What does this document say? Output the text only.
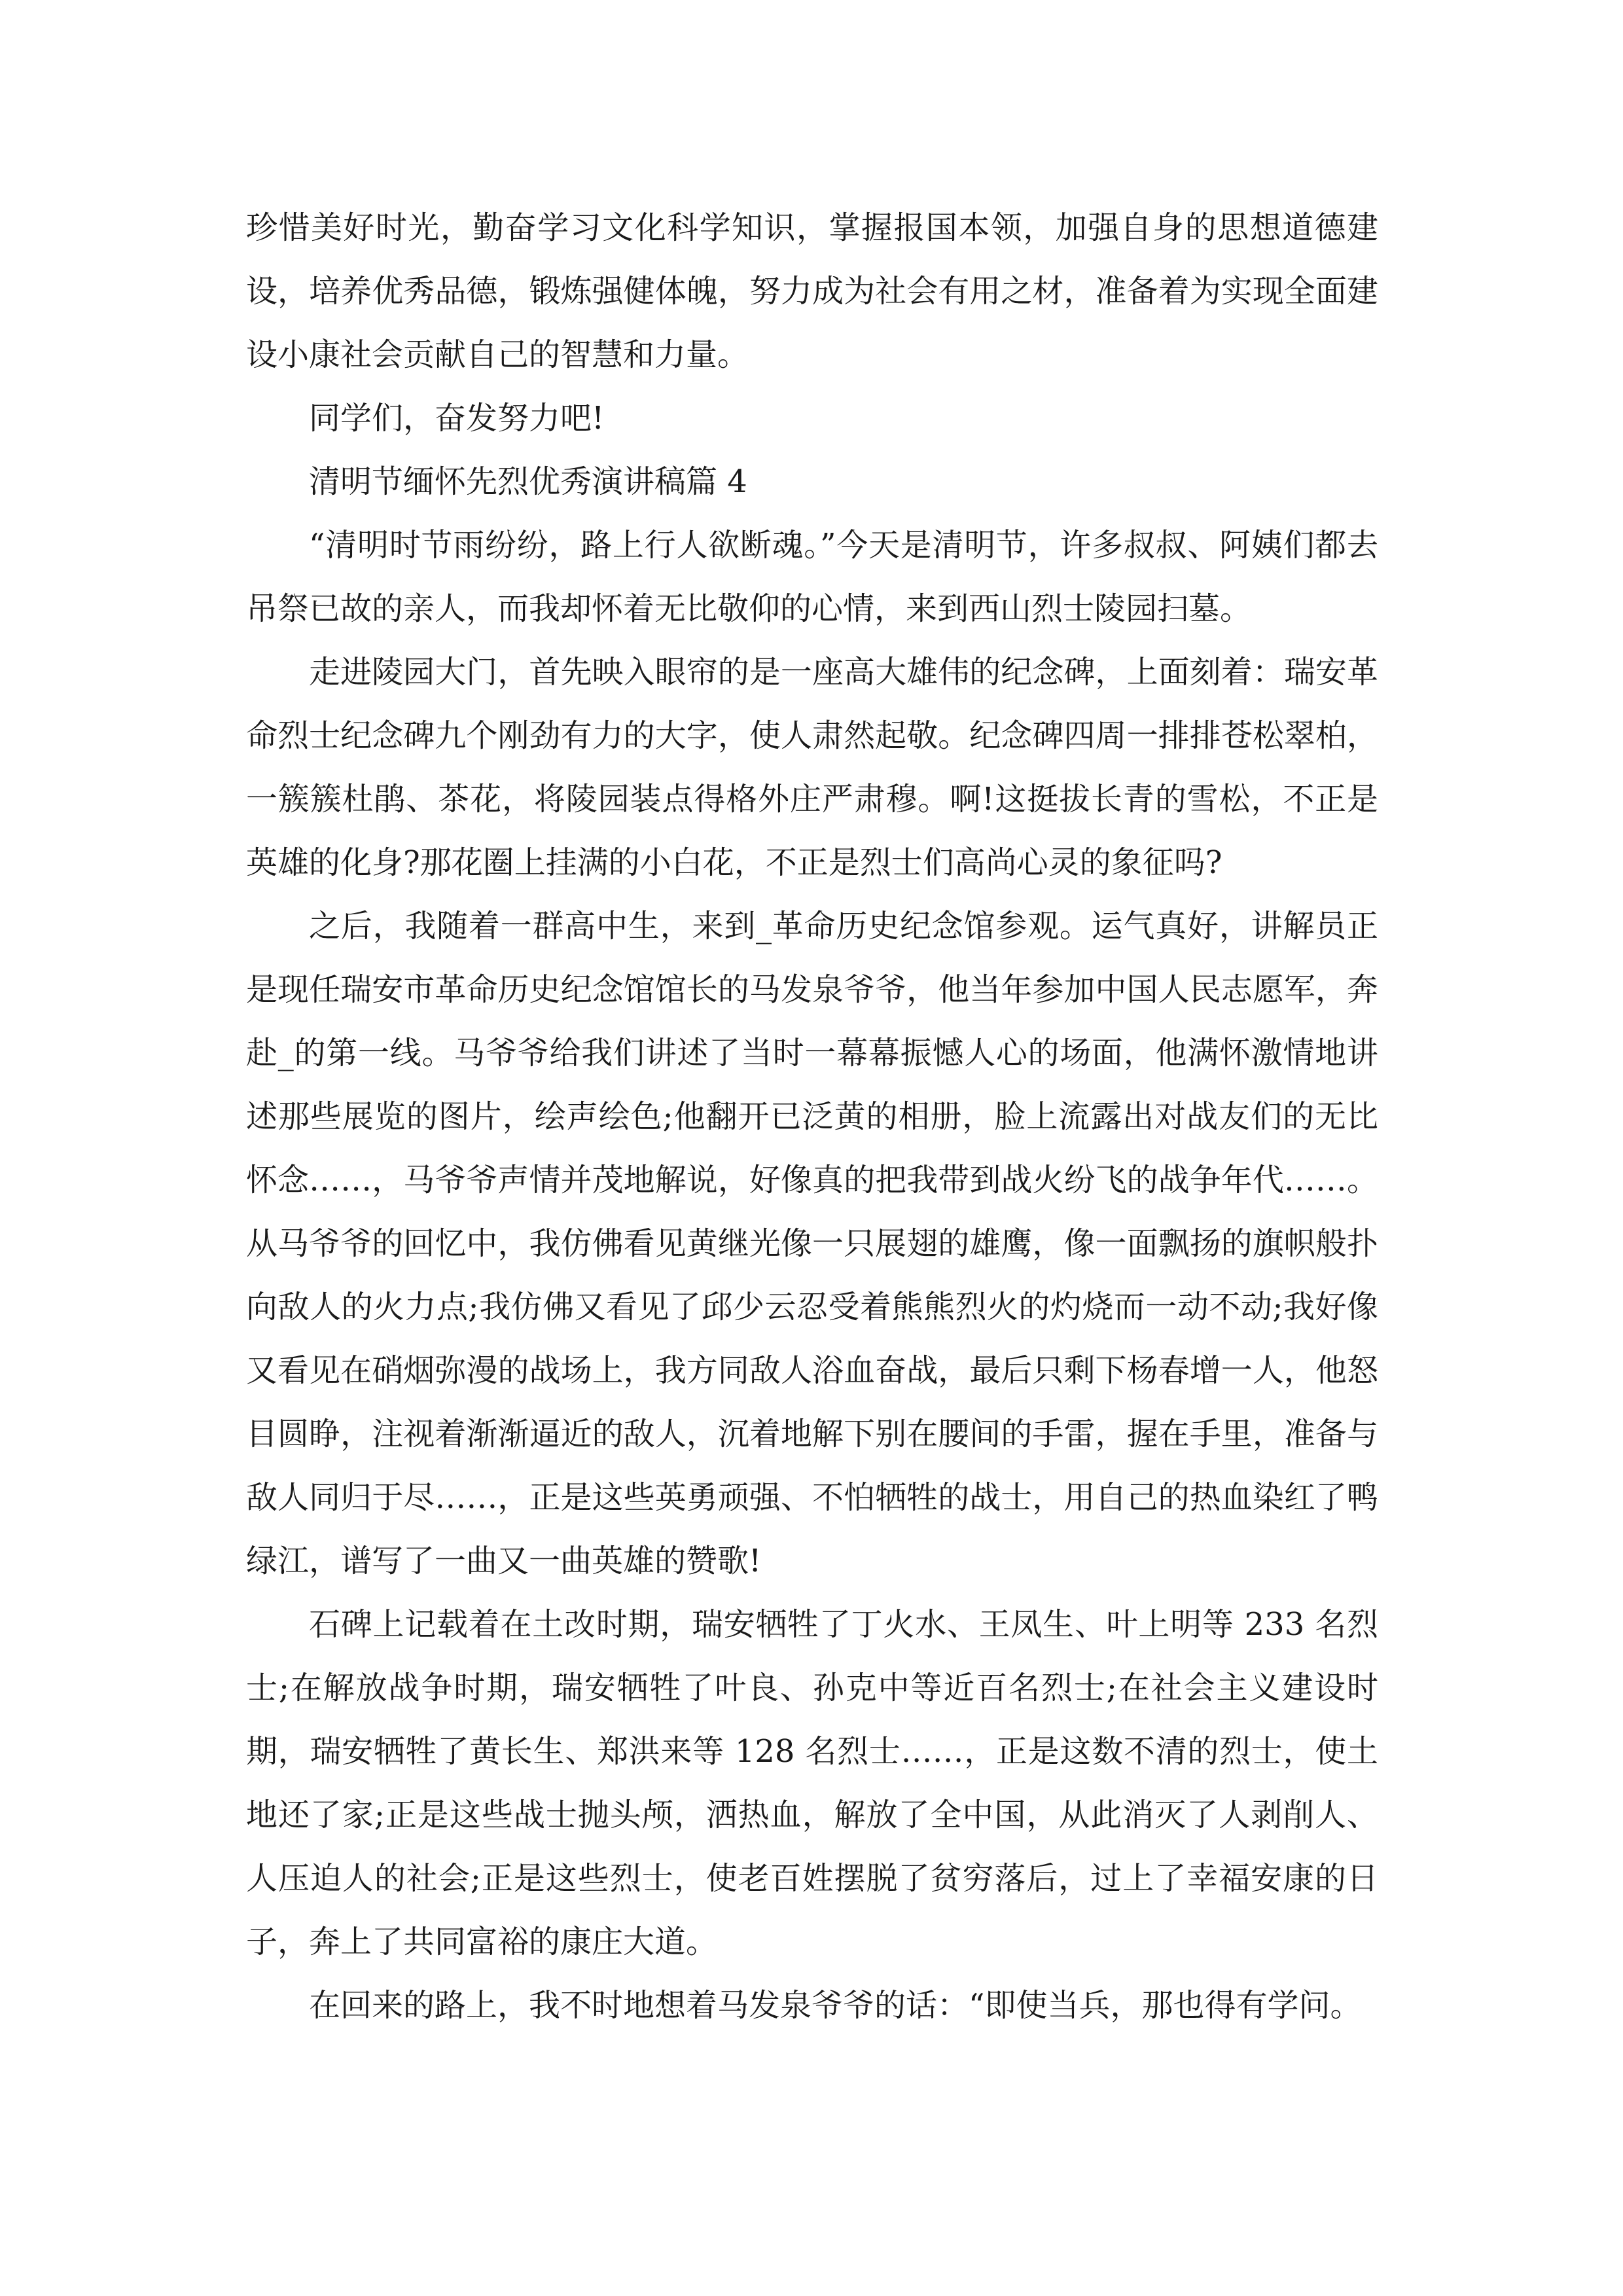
珍惜美好时光，勤奋学习文化科学知识，掌握报国本领，加强自身的思想道德建设，培养优秀品德，锻炼强健体魄，努力成为社会有用之材，准备着为实现全面建设小康社会贡献自己的智慧和力量。

同学们，奋发努力吧!

清明节缅怀先烈优秀演讲稿篇 4

“清明时节雨纷纷，路上行人欲断魂。”今天是清明节，许多叔叔、阿姨们都去吊祭已故的亲人，而我却怀着无比敬仰的心情，来到西山烈士陵园扫墓。

走进陵园大门，首先映入眼帘的是一座高大雄伟的纪念碑，上面刻着：瑞安革命烈士纪念碑九个刚劲有力的大字，使人肃然起敬。纪念碑四周一排排苍松翠柏，一簇簇杜鹃、茶花，将陵园装点得格外庄严肃穆。啊!这挺拔长青的雪松，不正是英雄的化身?那花圈上挂满的小白花，不正是烈士们高尚心灵的象征吗?

之后，我随着一群高中生，来到_革命历史纪念馆参观。运气真好，讲解员正是现任瑞安市革命历史纪念馆馆长的马发泉爷爷，他当年参加中国人民志愿军，奔赴_的第一线。马爷爷给我们讲述了当时一幕幕振憾人心的场面，他满怀激情地讲述那些展览的图片，绘声绘色;他翻开已泛黄的相册，脸上流露出对战友们的无比怀念……，马爷爷声情并茂地解说，好像真的把我带到战火纷飞的战争年代……。从马爷爷的回忆中，我仿佛看见黄继光像一只展翅的雄鹰，像一面飘扬的旗帜般扑向敌人的火力点;我仿佛又看见了邱少云忍受着熊熊烈火的灼烧而一动不动;我好像又看见在硝烟弥漫的战场上，我方同敌人浴血奋战，最后只剩下杨春增一人，他怒目圆睁，注视着渐渐逼近的敌人，沉着地解下别在腰间的手雷，握在手里，准备与敌人同归于尽……，正是这些英勇顽强、不怕牺牲的战士，用自己的热血染红了鸭绿江，谱写了一曲又一曲英雄的赞歌!

石碑上记载着在土改时期，瑞安牺牲了丁火水、王凤生、叶上明等 233 名烈士;在解放战争时期，瑞安牺牲了叶良、孙克中等近百名烈士;在社会主义建设时期，瑞安牺牲了黄长生、郑洪来等 128 名烈士……，正是这数不清的烈士，使土地还了家;正是这些战士抛头颅，洒热血，解放了全中国，从此消灭了人剥削人、人压迫人的社会;正是这些烈士，使老百姓摆脱了贫穷落后，过上了幸福安康的日子，奔上了共同富裕的康庄大道。

在回来的路上，我不时地想着马发泉爷爷的话：“即使当兵，那也得有学问。
